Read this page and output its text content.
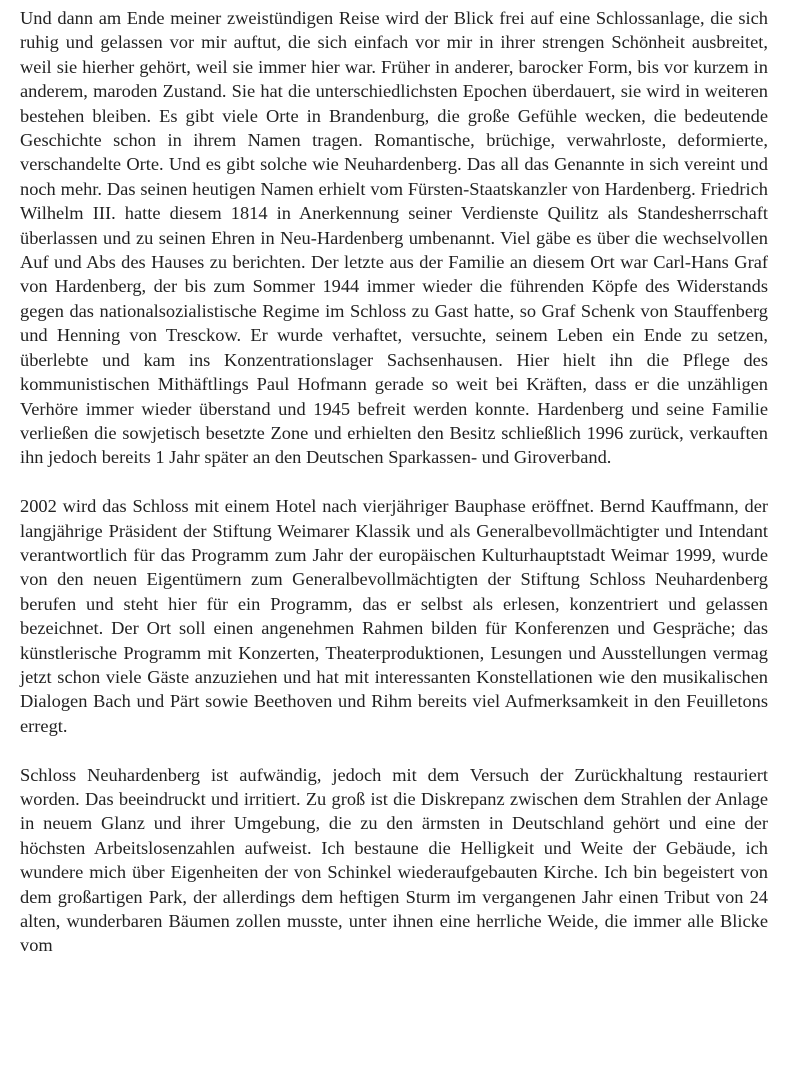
Und dann am Ende meiner zweistündigen Reise wird der Blick frei auf eine Schlossanlage, die sich ruhig und gelassen vor mir auftut, die sich einfach vor mir in ihrer strengen Schönheit ausbreitet, weil sie hierher gehört, weil sie immer hier war. Früher in anderer, barocker Form, bis vor kurzem in anderem, maroden Zustand. Sie hat die unterschiedlichsten Epochen überdauert, sie wird in weiteren bestehen bleiben. Es gibt viele Orte in Brandenburg, die große Gefühle wecken, die bedeutende Geschichte schon in ihrem Namen tragen. Romantische, brüchige, verwahrloste, deformierte, verschandelte Orte. Und es gibt solche wie Neuhardenberg. Das all das Genannte in sich vereint und noch mehr. Das seinen heutigen Namen erhielt vom Fürsten-Staatskanzler von Hardenberg. Friedrich Wilhelm III. hatte diesem 1814 in Anerkennung seiner Verdienste Quilitz als Standesherrschaft überlassen und zu seinen Ehren in Neu-Hardenberg umbenannt. Viel gäbe es über die wechselvollen Auf und Abs des Hauses zu berichten. Der letzte aus der Familie an diesem Ort war Carl-Hans Graf von Hardenberg, der bis zum Sommer 1944 immer wieder die führenden Köpfe des Widerstands gegen das nationalsozialistische Regime im Schloss zu Gast hatte, so Graf Schenk von Stauffenberg und Henning von Tresckow. Er wurde verhaftet, versuchte, seinem Leben ein Ende zu setzen, überlebte und kam ins Konzentrationslager Sachsenhausen. Hier hielt ihn die Pflege des kommunistischen Mithäftlings Paul Hofmann gerade so weit bei Kräften, dass er die unzähligen Verhöre immer wieder überstand und 1945 befreit werden konnte. Hardenberg und seine Familie verließen die sowjetisch besetzte Zone und erhielten den Besitz schließlich 1996 zurück, verkauften ihn jedoch bereits 1 Jahr später an den Deutschen Sparkassen- und Giroverband.

2002 wird das Schloss mit einem Hotel nach vierjähriger Bauphase eröffnet. Bernd Kauffmann, der langjährige Präsident der Stiftung Weimarer Klassik und als Generalbevollmächtigter und Intendant verantwortlich für das Programm zum Jahr der europäischen Kulturhauptstadt Weimar 1999, wurde von den neuen Eigentümern zum Generalbevollmächtigten der Stiftung Schloss Neuhardenberg berufen und steht hier für ein Programm, das er selbst als erlesen, konzentriert und gelassen bezeichnet. Der Ort soll einen angenehmen Rahmen bilden für Konferenzen und Gespräche; das künstlerische Programm mit Konzerten, Theaterproduktionen, Lesungen und Ausstellungen vermag jetzt schon viele Gäste anzuziehen und hat mit interessanten Konstellationen wie den musikalischen Dialogen Bach und Pärt sowie Beethoven und Rihm bereits viel Aufmerksamkeit in den Feuilletons erregt.

Schloss Neuhardenberg ist aufwändig, jedoch mit dem Versuch der Zurückhaltung restauriert worden. Das beeindruckt und irritiert. Zu groß ist die Diskrepanz zwischen dem Strahlen der Anlage in neuem Glanz und ihrer Umgebung, die zu den ärmsten in Deutschland gehört und eine der höchsten Arbeitslosenzahlen aufweist. Ich bestaune die Helligkeit und Weite der Gebäude, ich wundere mich über Eigenheiten der von Schinkel wiederaufgebauten Kirche. Ich bin begeistert von dem großartigen Park, der allerdings dem heftigen Sturm im vergangenen Jahr einen Tribut von 24 alten, wunderbaren Bäumen zollen musste, unter ihnen eine herrliche Weide, die immer alle Blicke vom
